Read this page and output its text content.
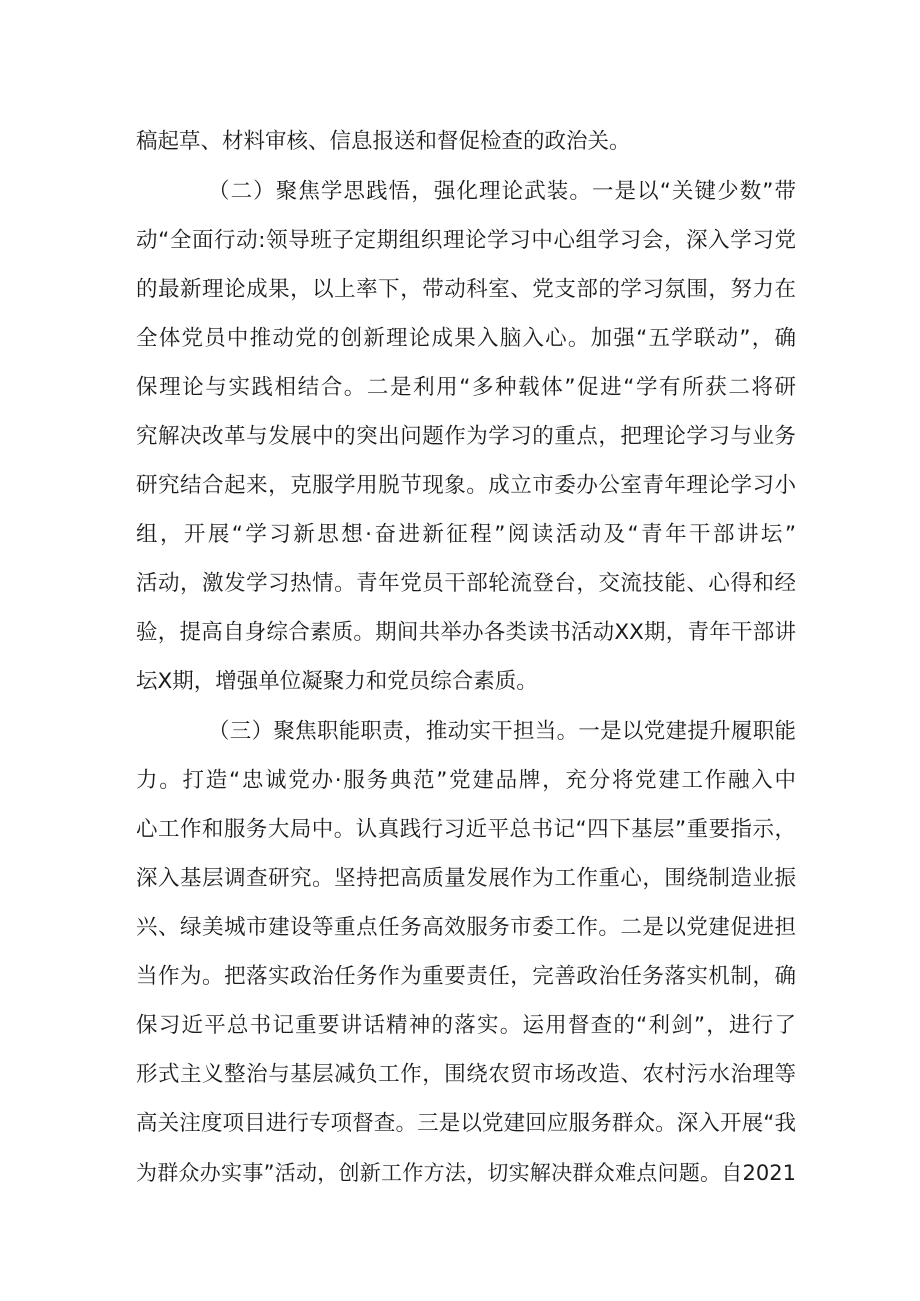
稿起草、材料审核、信息报送和督促检查的政治关。
（二）聚焦学思践悟，强化理论武装。一是以“关键少数”带
动“全面行动:领导班子定期组织理论学习中心组学习会，深入学习党
的最新理论成果，以上率下，带动科室、党支部的学习氛围，努力在
全体党员中推动党的创新理论成果入脑入心。加强“五学联动”，确
保理论与实践相结合。二是利用“多种载体”促进“学有所获二将研
究解决改革与发展中的突出问题作为学习的重点，把理论学习与业务
研究结合起来，克服学用脱节现象。成立市委办公室青年理论学习小
组，开展“学习新思想·奋进新征程”阅读活动及“青年干部讲坛”
活动，激发学习热情。青年党员干部轮流登台，交流技能、心得和经
验，提高自身综合素质。期间共举办各类读书活动XX期，青年干部讲
坛X期，增强单位凝聚力和党员综合素质。
（三）聚焦职能职责，推动实干担当。一是以党建提升履职能
力。打造“忠诚党办·服务典范”党建品牌，充分将党建工作融入中
心工作和服务大局中。认真践行习近平总书记“四下基层”重要指示，
深入基层调查研究。坚持把高质量发展作为工作重心，围绕制造业振
兴、绿美城市建设等重点任务高效服务市委工作。二是以党建促进担
当作为。把落实政治任务作为重要责任，完善政治任务落实机制，确
保习近平总书记重要讲话精神的落实。运用督查的“利剑”，进行了
形式主义整治与基层减负工作，围绕农贸市场改造、农村污水治理等
高关注度项目进行专项督查。三是以党建回应服务群众。深入开展“我
为群众办实事”活动，创新工作方法，切实解决群众难点问题。自2021
